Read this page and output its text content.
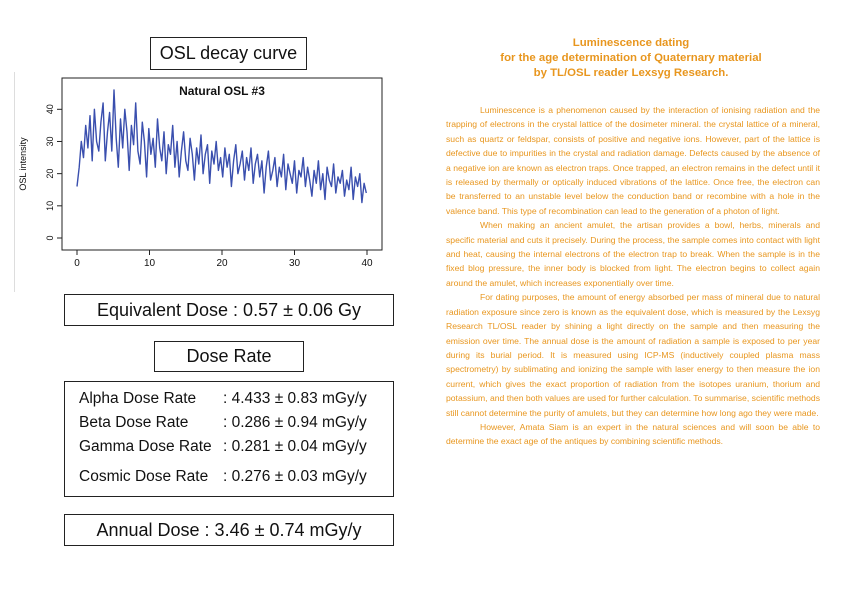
OSL decay curve
Natural OSL #3
OSL intensity
0
10
20
30
40
0	10	20	30	40
Equivalent Dose : 0.57 ± 0.06 Gy
Dose Rate
Alpha Dose Rate : 4.433 ± 0.83 mGy/y
Beta Dose Rate : 0.286 ± 0.94 mGy/y
Gamma Dose Rate : 0.281 ± 0.04 mGy/y
Cosmic Dose Rate : 0.276 ± 0.03 mGy/y
Annual Dose : 3.46 ± 0.74 mGy/y
Luminescence dating
for the age determination of Quaternary material
by TL/OSL reader Lexsyg Research.

Luminescence is a phenomenon caused by the interaction of ionising radiation and the trapping of electrons in the crystal lattice of the dosimeter mineral. the crystal lattice of a mineral, such as quartz or feldspar, consists of positive and negative ions. However, part of the lattice is defective due to impurities in the crystal and radiation damage. Defects caused by the absence of a negative ion are known as electron traps. Once trapped, an electron remains in the defect until it is released by thermally or optically induced vibrations of the lattice. Once free, the electron can be transferred to an unstable level below the conduction band or recombine with a hole in the valence band. This type of recombination can lead to the generation of a photon of light.

When making an ancient amulet, the artisan provides a bowl, herbs, minerals and specific material and cuts it precisely. During the process, the sample comes into contact with light and heat, causing the internal electrons of the electron trap to break. When the sample is in the fixed blog pressure, the inner body is blocked from light. The electron begins to collect again around the amulet, which increases exponentially over time.

For dating purposes, the amount of energy absorbed per mass of mineral due to natural radiation exposure since zero is known as the equivalent dose, which is measured by the Lexsyg Research TL/OSL reader by shining a light directly on the sample and then measuring the emission over time. The annual dose is the amount of radiation a sample is exposed to per year during its burial period. It is measured using ICP-MS (inductively coupled plasma mass spectrometry) by sublimating and ionizing the sample with laser energy to then measure the ion current, which gives the exact proportion of radiation from the isotopes uranium, thorium and potassium, and then both values are used for further calculation. To summarise, scientific methods still cannot determine the purity of amulets, but they can determine how long ago they were made.

However, Amata Siam is an expert in the natural sciences and will soon be able to determine the exact age of the antiques by combining scientific methods.
